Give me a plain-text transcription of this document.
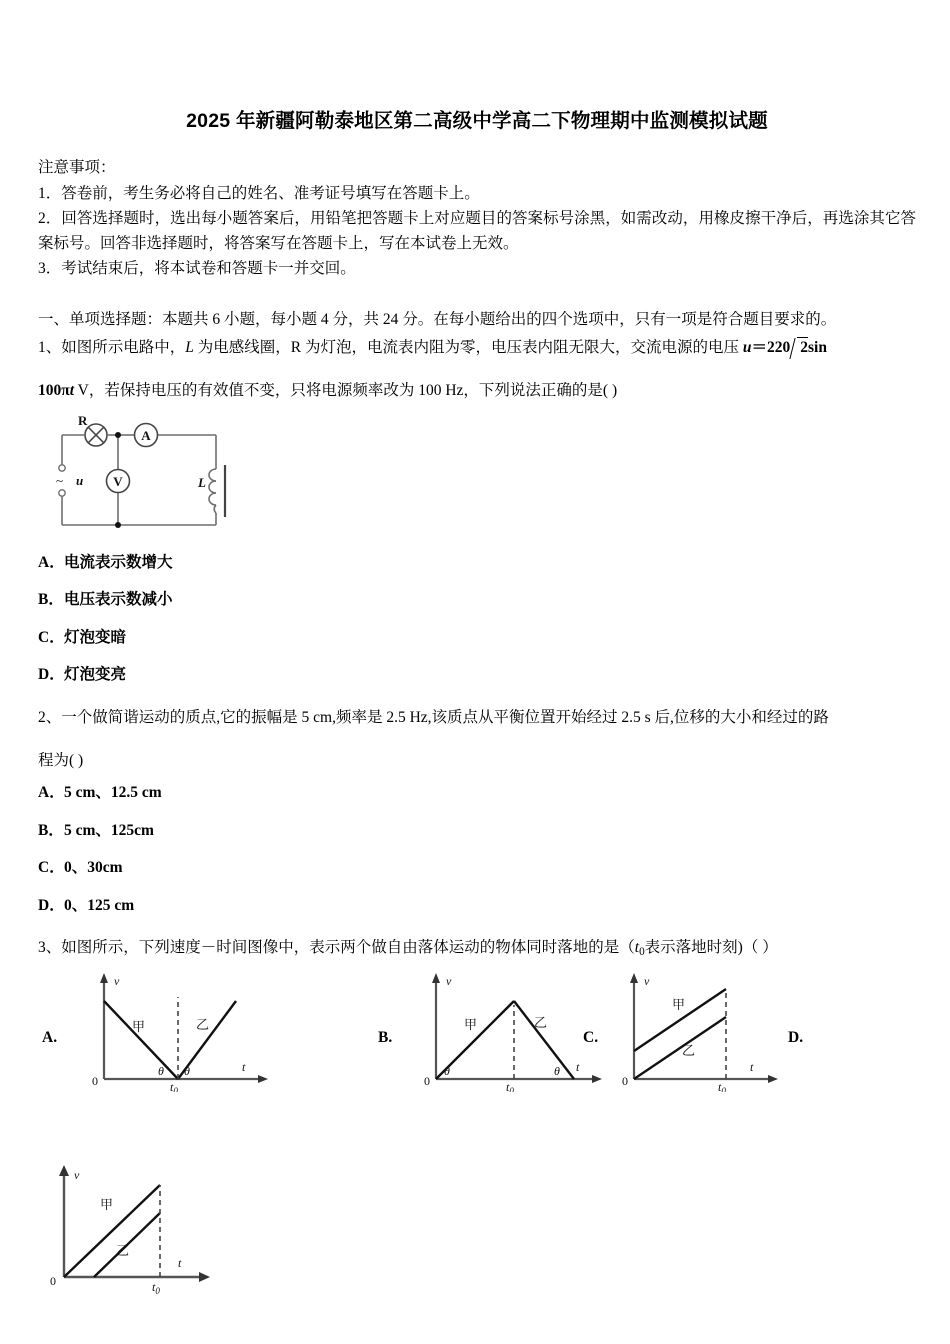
2025 年新疆阿勒泰地区第二高级中学高二下物理期中监测模拟试题
注意事项：
1．答卷前，考生务必将自己的姓名、准考证号填写在答题卡上。
2．回答选择题时，选出每小题答案后，用铅笔把答题卡上对应题目的答案标号涂黑，如需改动，用橡皮擦干净后，再选涂其它答案标号。回答非选择题时，将答案写在答题卡上，写在本试卷上无效。
3．考试结束后，将本试卷和答题卡一并交回。
一、单项选择题：本题共 6 小题，每小题 4 分，共 24 分。在每小题给出的四个选项中，只有一项是符合题目要求的。
1、如图所示电路中，L 为电感线圈，R 为灯泡，电流表内阻为零，电压表内阻无限大，交流电源的电压 u＝220 2sin
100πt V，若保持电压的有效值不变，只将电源频率改为 100 Hz，下列说法正确的是( )
~ u
R
A
V	L
A．电流表示数增大
B．电压表示数减小
C．灯泡变暗
D．灯泡变亮
2、一个做简谐运动的质点,它的振幅是 5 cm,频率是 2.5 Hz,该质点从平衡位置开始经过 2.5 s 后,位移的大小和经过的路
程为( )
A．5 cm、12.5 cm
B．5 cm、125cm
C．0、30cm
D．0、125 cm
3、如图所示，下列速度－时间图像中，表示两个做自由落体运动的物体同时落地的是（$t_0$表示落地时刻)（ ）
A.
v
t
0
甲	乙
θ θ
$t_0$
B.
v
t
0
甲	乙
θ	θ
$t_0$
C.
v
t
0
甲
乙
$t_0$
D.
v
t
0
甲
乙
$t_0$
